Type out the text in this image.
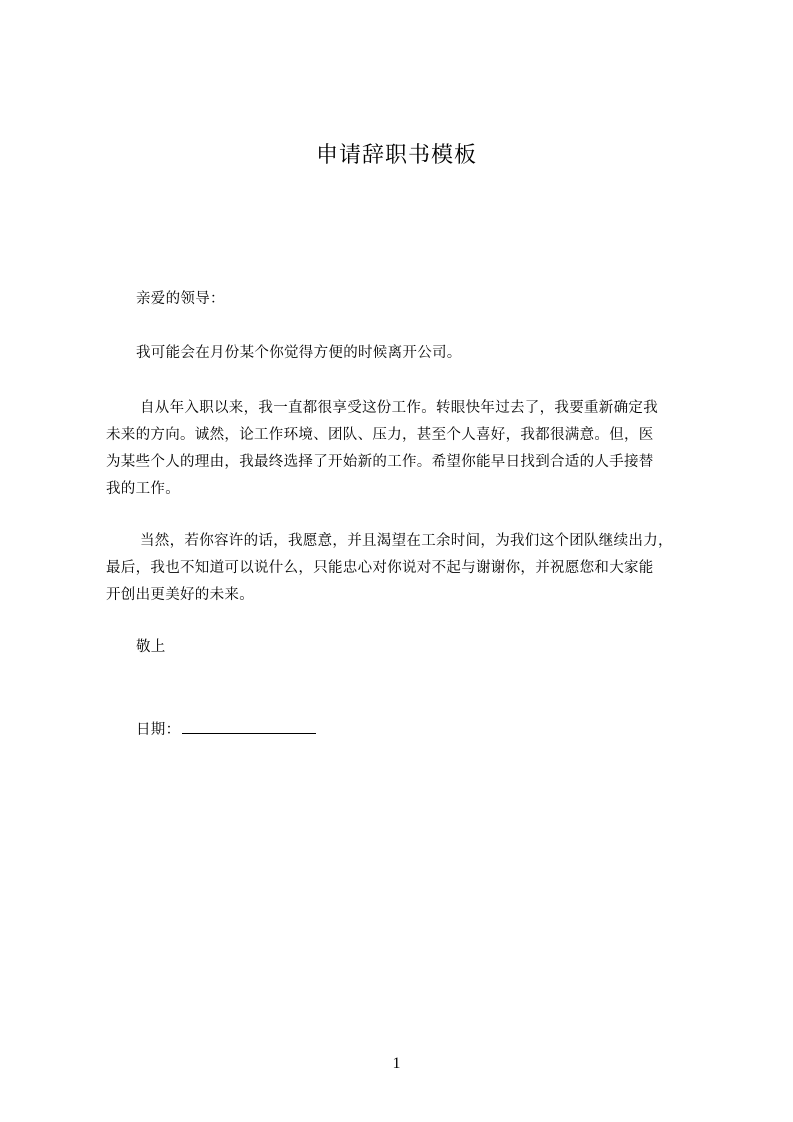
申请辞职书模板
亲爱的领导：
我可能会在月份某个你觉得方便的时候离开公司。
自从年入职以来，我一直都很享受这份工作。转眼快年过去了，我要重新确定我
未来的方向。诚然，论工作环境、团队、压力，甚至个人喜好，我都很满意。但，医
为某些个人的理由，我最终选择了开始新的工作。希望你能早日找到合适的人手接替
我的工作。
当然，若你容许的话，我愿意，并且渴望在工余时间，为我们这个团队继续出力，
最后，我也不知道可以说什么，只能忠心对你说对不起与谢谢你，并祝愿您和大家能
开创出更美好的未来。
敬上
日期：
1
